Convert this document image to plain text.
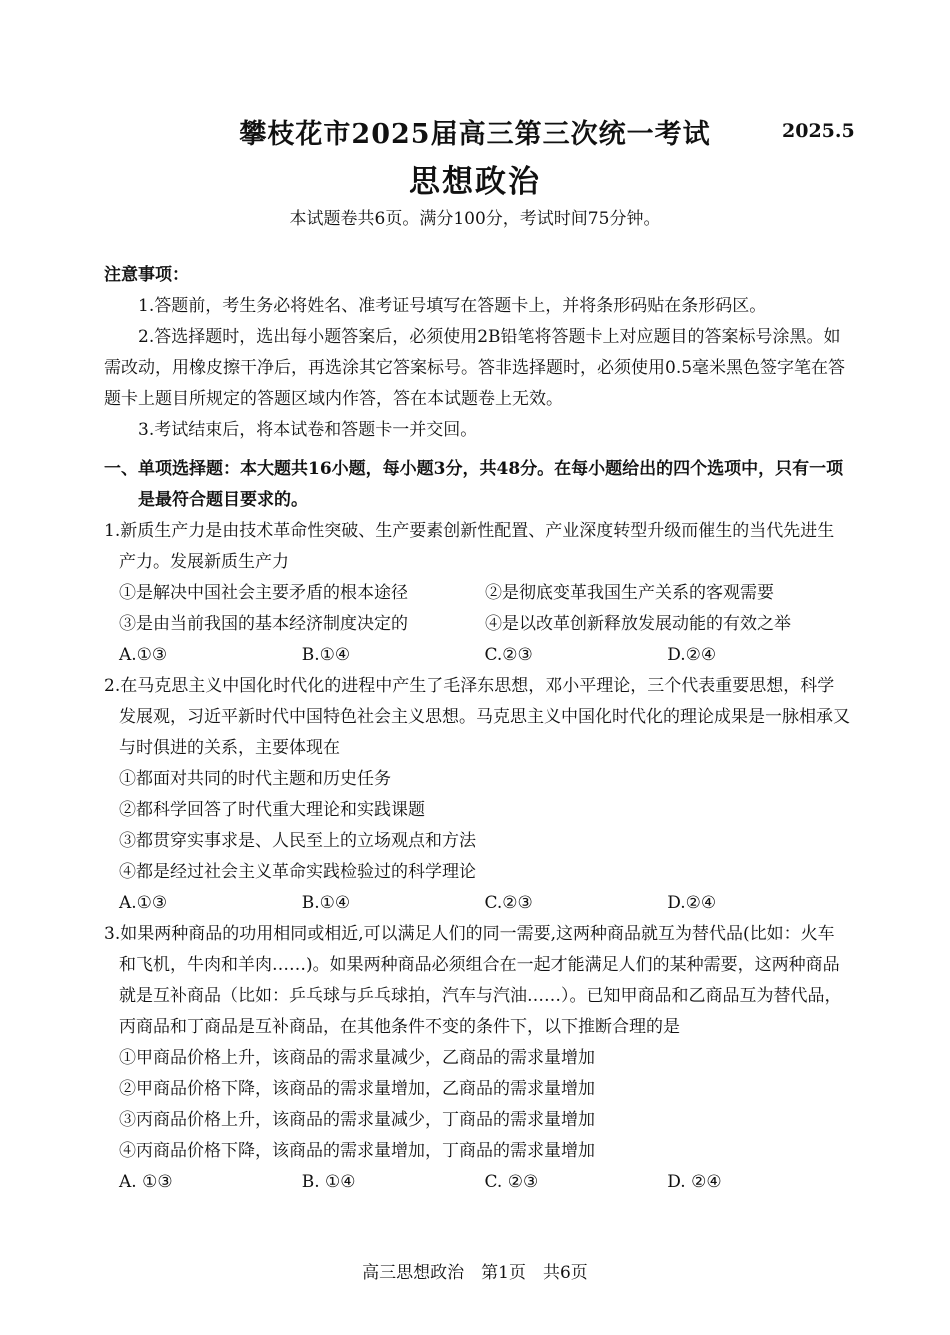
攀枝花市2025届高三第三次统一考试	2025.5
思想政治
本试题卷共6页。满分100分，考试时间75分钟。
注意事项：

1.答题前，考生务必将姓名、准考证号填写在答题卡上，并将条形码贴在条形码区。

2.答选择题时，选出每小题答案后，必须使用2B铅笔将答题卡上对应题目的答案标号涂黑。如需改动，用橡皮擦干净后，再选涂其它答案标号。答非选择题时，必须使用0.5毫米黑色签字笔在答题卡上题目所规定的答题区域内作答，答在本试题卷上无效。

3.考试结束后，将本试卷和答题卡一并交回。

一、单项选择题：本大题共16小题，每小题3分，共48分。在每小题给出的四个选项中，只有一项是最符合题目要求的。

1.新质生产力是由技术革命性突破、生产要素创新性配置、产业深度转型升级而催生的当代先进生产力。发展新质生产力

①是解决中国社会主要矛盾的根本途径	②是彻底变革我国生产关系的客观需要
③是由当前我国的基本经济制度决定的	④是以改革创新释放发展动能的有效之举
A.①③	B.①④	C.②③	D.②④

2.在马克思主义中国化时代化的进程中产生了毛泽东思想，邓小平理论，三个代表重要思想，科学发展观，习近平新时代中国特色社会主义思想。马克思主义中国化时代化的理论成果是一脉相承又与时俱进的关系，主要体现在

①都面对共同的时代主题和历史任务

②都科学回答了时代重大理论和实践课题

③都贯穿实事求是、人民至上的立场观点和方法

④都是经过社会主义革命实践检验过的科学理论

A.①③	B.①④	C.②③	D.②④

3.如果两种商品的功用相同或相近,可以满足人们的同一需要,这两种商品就互为替代品(比如：火车和飞机，牛肉和羊肉……)。如果两种商品必须组合在一起才能满足人们的某种需要，这两种商品就是互补商品（比如：乒乓球与乒乓球拍，汽车与汽油……）。已知甲商品和乙商品互为替代品，丙商品和丁商品是互补商品，在其他条件不变的条件下，以下推断合理的是

①甲商品价格上升，该商品的需求量减少，乙商品的需求量增加

②甲商品价格下降，该商品的需求量增加，乙商品的需求量增加

③丙商品价格上升，该商品的需求量减少，丁商品的需求量增加

④丙商品价格下降，该商品的需求量增加，丁商品的需求量增加

A. ①③	B. ①④	C. ②③	D. ②④
高三思想政治　第1页　共6页
